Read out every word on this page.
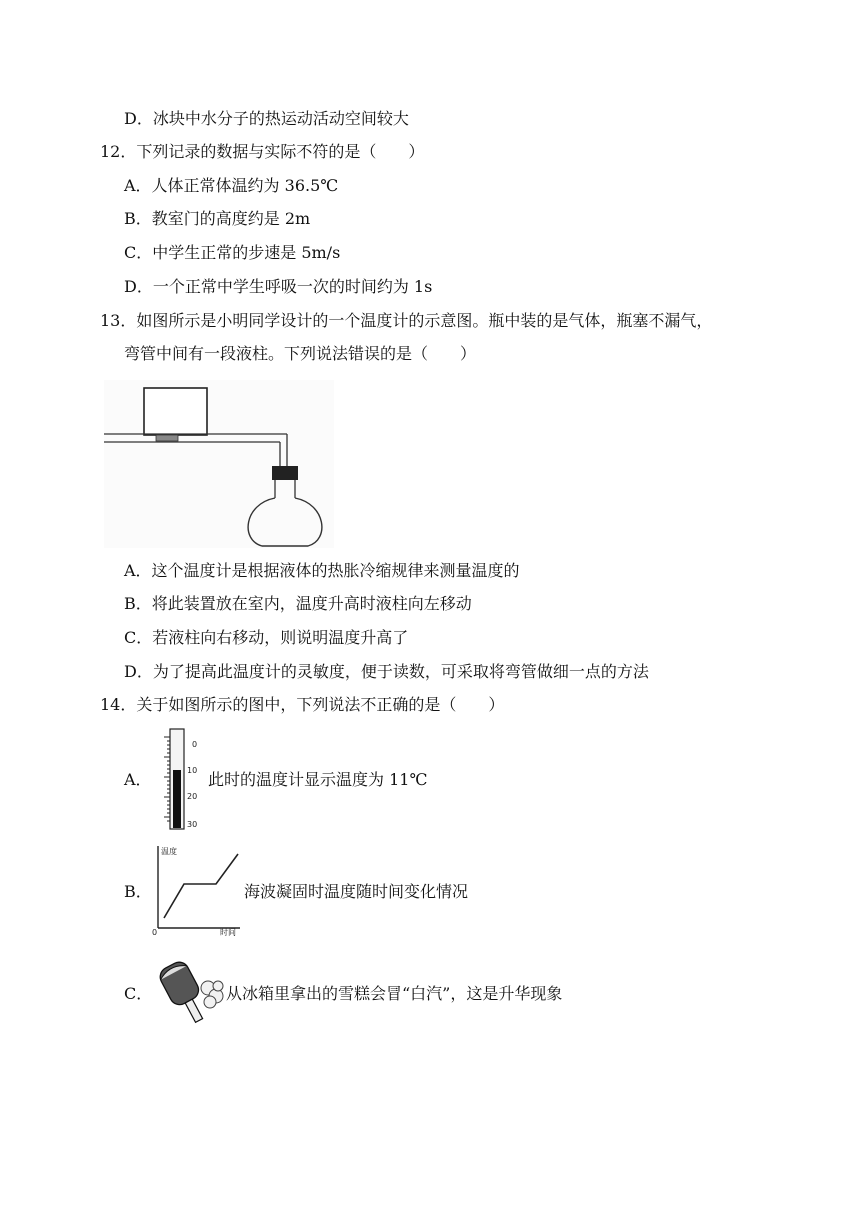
D．冰块中水分子的热运动活动空间较大
12．下列记录的数据与实际不符的是（　　）
A．人体正常体温约为 36.5℃
B．教室门的高度约是 2m
C．中学生正常的步速是 5m/s
D．一个正常中学生呼吸一次的时间约为 1s
13．如图所示是小明同学设计的一个温度计的示意图。瓶中装的是气体，瓶塞不漏气，
弯管中间有一段液柱。下列说法错误的是（　　）
A．这个温度计是根据液体的热胀冷缩规律来测量温度的
B．将此装置放在室内，温度升高时液柱向左移动
C．若液柱向右移动，则说明温度升高了
D．为了提高此温度计的灵敏度，便于读数，可采取将弯管做细一点的方法
14．关于如图所示的图中，下列说法不正确的是（　　）
A．
0
10
20
30
此时的温度计显示温度为 11℃
B．
温度
0	时间
海波凝固时温度随时间变化情况
C．	从冰箱里拿出的雪糕会冒“白汽”，这是升华现象
